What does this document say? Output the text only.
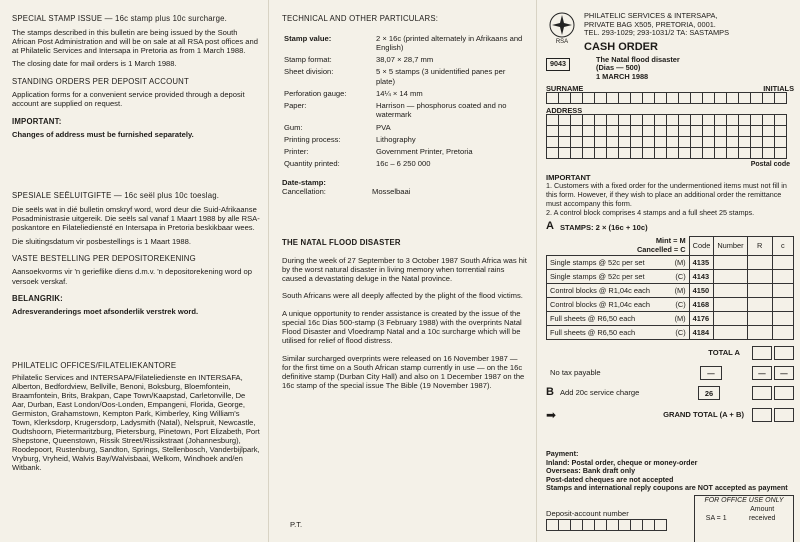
SPECIAL STAMP ISSUE — 16c stamp plus 10c surcharge.
The stamps described in this bulletin are being issued by the South African Post Administration and will be on sale at all RSA post offices and at Philatelic Services and Intersapa in Pretoria as from 1 March 1988.
The closing date for mail orders is 1 March 1988.
STANDING ORDERS PER DEPOSIT ACCOUNT
Application forms for a convenient service provided through a deposit account are supplied on request.
IMPORTANT:
Changes of address must be furnished separately.
SPESIALE SEËLUITGIFTE — 16c seël plus 10c toeslag.
Die seëls wat in dié bulletin omskryf word, word deur die Suid-Afrikaanse Posadministrasie uitgereik. Die seëls sal vanaf 1 Maart 1988 by alle RSA-poskantore en Filateliediensté en Intersapa in Pretoria beskikbaar wees.
Die sluitingsdatum vir posbestellings is 1 Maart 1988.
VASTE BESTELLING PER DEPOSITOREKENING
Aansoekvorms vir 'n gerieflike diens d.m.v. 'n depositorekening word op versoek verskaf.
BELANGRIK:
Adresveranderings moet afsonderlik verstrek word.
PHILATELIC OFFICES/FILATELIEKANTORE
Philatelic Services and INTERSAPA/Filateliedienste en INTERSAFA, Alberton, Bedfordview, Bellville, Benoni, Boksburg, Bloemfontein, Braamfontein, Brits, Brakpan, Cape Town/Kaapstad, Carletonville, De Aar, Durban, East London/Oos-Londen, Empangeni, Florida, George, Germiston, Grahamstown, Kempton Park, Kimberley, King William's Town, Klerksdorp, Krugersdorp, Ladysmith (Natal), Nelspruit, Newcastle, Oudtshoorn, Pietermaritzburg, Pietersburg, Pinetown, Port Elizabeth, Port Shepstone, Queenstown, Rissik Street/Rissikstraat (Johannesburg), Roodepoort, Rustenburg, Sandton, Springs, Stellenbosch, Vanderbijlpark, Vryburg, Vryheid, Walvis Bay/Walvisbaai, Welkom, Windhoek and/en Witbank.
TECHNICAL AND OTHER PARTICULARS:
Stamp value:	2 × 16c (printed alternately in Afrikaans and English)
Stamp format:	38,07 × 28,7 mm
Sheet division:	5 × 5 stamps (3 unidentified panes per plate)
Perforation gauge:	14¼ × 14 mm
Paper:	Harrison — phosphorus coated and no watermark
Gum:	PVA
Printing process:	Lithography
Printer:	Government Printer, Pretoria
Quantity printed:	16c – 6 250 000
Date-stamp:
Cancellation:	Mosselbaai
THE NATAL FLOOD DISASTER
During the week of 27 September to 3 October 1987 South Africa was hit by the worst natural disaster in living memory when torrential rains caused a devastating deluge in the Natal province.
South Africans were all deeply affected by the plight of the flood victims.
A unique opportunity to render assistance is created by the issue of the special 16c Dias 500-stamp (3 February 1988) with the overprints Natal Flood Disaster and Vloedramp Natal and a 10c surcharge which will be utilised for relief of flood distress.
Similar surcharged overprints were released on 16 November 1987 — for the first time on a South African stamp currently in use — on the 16c definitive stamp (Durban City Hall) and also on 1 December 1987 on the 16c stamp of the special issue The Bible (19 November 1987).
P.T.
RSA
PHILATELIC SERVICES & INTERSAPA,
PRIVATE BAG X505, PRETORIA, 0001.
TEL. 293-1029; 293-1031/2 TA: SASTAMPS
CASH ORDER
9043	The Natal flood disaster
(Dias — 500)
1 MARCH 1988
SURNAME	INITIALS
ADDRESS
Postal code
IMPORTANT
1. Customers with a fixed order for the undermentioned items must not fill in this form. However, if they wish to place an additional order the remittance must accompany this form.
2. A control block comprises 4 stamps and a full sheet 25 stamps.
A STAMPS: 2 × (16c + 10c)
Mint = M
Cancelled = C	Code	Number	R	c
Single stamps @ 52c per set (M)	4135			
Single stamps @ 52c per set (C)	4143			
Control blocks @ R1,04c each (M)	4150			
Control blocks @ R1,04c each (C)	4168			
Full sheets @ R6,50 each (M)	4176			
Full sheets @ R6,50 each (C)	4184			
TOTAL A
No tax payable	—	—	—
B Add 20c service charge	26
➡	GRAND TOTAL (A + B)
Payment:
Inland: Postal order, cheque or money-order
Overseas: Bank draft only
Post-dated cheques are not accepted
Stamps and international reply coupons are NOT accepted as payment
Deposit-account number
FOR OFFICE USE ONLY
SA = 1
Amount received
